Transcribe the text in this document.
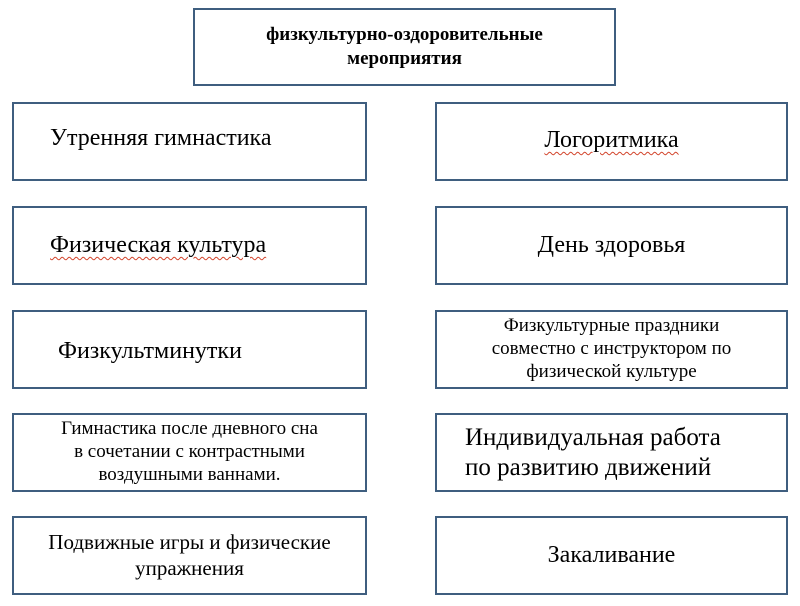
физкультурно-оздоровительные
мероприятия
Утренняя гимнастика
Физическая культура
Физкультминутки
Гимнастика после дневного сна
в сочетании с контрастными
воздушными ваннами.
Подвижные игры и физические
упражнения
Логоритмика
День здоровья
Физкультурные праздники
совместно с инструктором по
физической культуре
Индивидуальная работа
по развитию движений
Закаливание
